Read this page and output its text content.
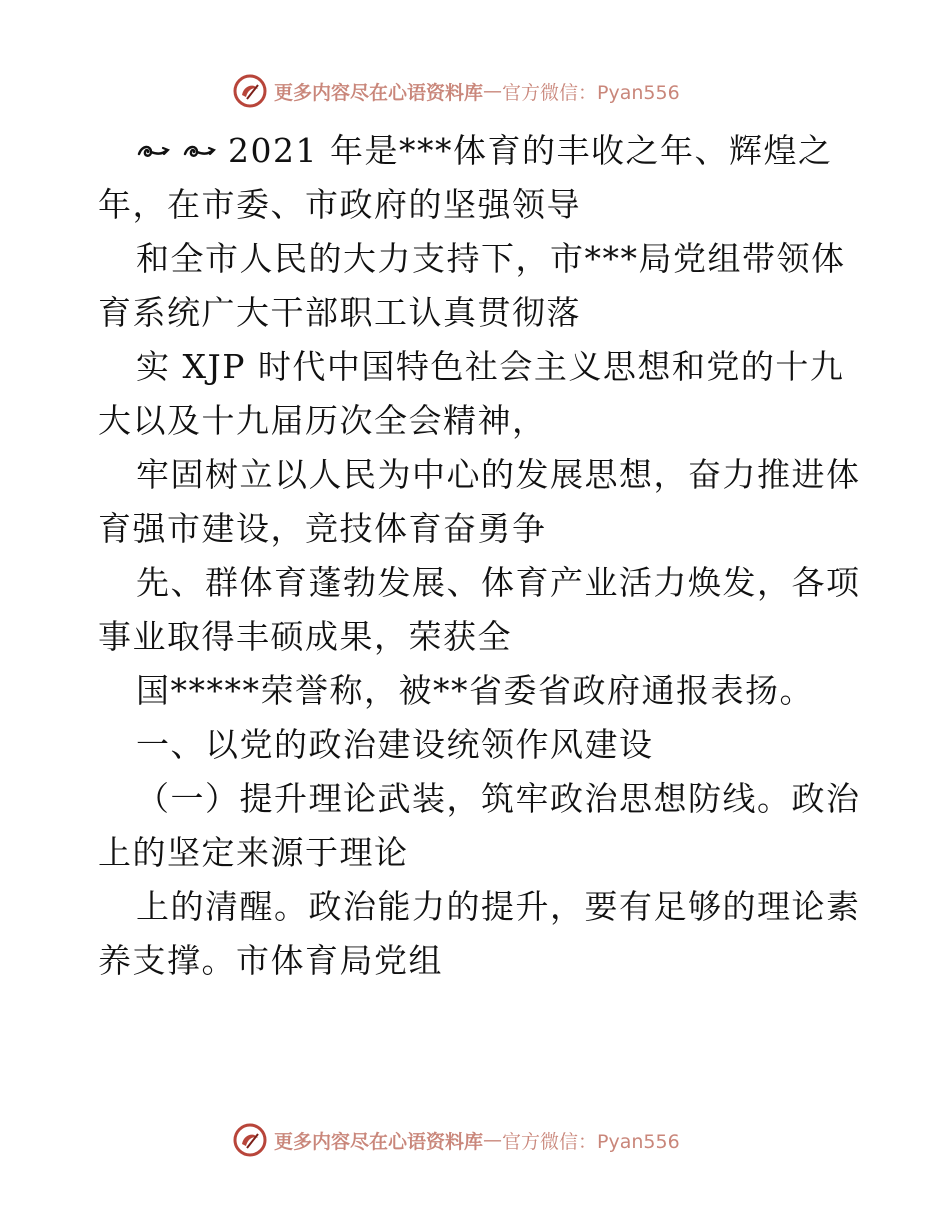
更多内容尽在心语资料库 — 官方微信：Pyan556
2021 年是***体育的丰收之年、辉煌之
年，在市委、市政府的坚强领导
和全市人民的大力支持下，市***局党组带领体
育系统广大干部职工认真贯彻落
实 XJP 时代中国特色社会主义思想和党的十九
大以及十九届历次全会精神，
牢固树立以人民为中心的发展思想，奋力推进体
育强市建设，竞技体育奋勇争
先、群体育蓬勃发展、体育产业活力焕发，各项
事业取得丰硕成果，荣获全
国*****荣誉称，被**省委省政府通报表扬。
一、以党的政治建设统领作风建设
（一）提升理论武装，筑牢政治思想防线。政治
上的坚定来源于理论
上的清醒。政治能力的提升，要有足够的理论素
养支撑。市体育局党组
更多内容尽在心语资料库 — 官方微信：Pyan556
